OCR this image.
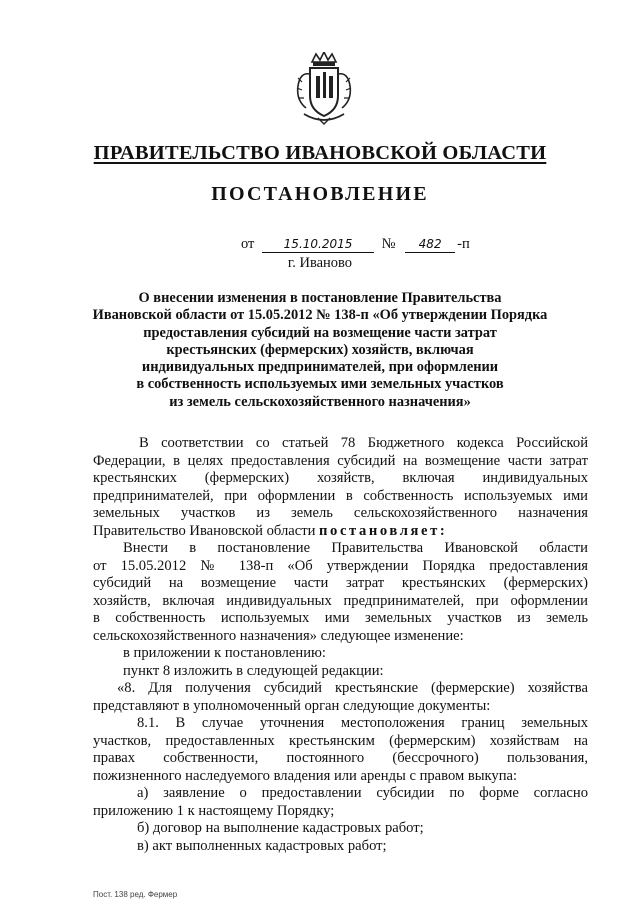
ПРАВИТЕЛЬСТВО ИВАНОВСКОЙ ОБЛАСТИ
ПОСТАНОВЛЕНИЕ
от 15.10.2015 № 482 -п
г. Иваново
О внесении изменения в постановление Правительства
Ивановской области от 15.05.2012 № 138-п «Об утверждении Порядка
предоставления субсидий на возмещение части затрат
крестьянских (фермерских) хозяйств, включая
индивидуальных предпринимателей, при оформлении
в собственность используемых ими земельных участков
из земель сельскохозяйственного назначения»
В соответствии со статьей 78 Бюджетного кодекса Российской
Федерации, в целях предоставления субсидий на возмещение части затрат
крестьянских (фермерских) хозяйств, включая индивидуальных
предпринимателей, при оформлении в собственность используемых ими
земельных участков из земель сельскохозяйственного назначения
Правительство Ивановской области постановляет:
Внести в постановление Правительства Ивановской области
от 15.05.2012 № 138-п «Об утверждении Порядка предоставления
субсидий на возмещение части затрат крестьянских (фермерских)
хозяйств, включая индивидуальных предпринимателей, при оформлении
в собственность используемых ими земельных участков из земель
сельскохозяйственного назначения» следующее изменение:
в приложении к постановлению:
пункт 8 изложить в следующей редакции:
«8. Для получения субсидий крестьянские (фермерские) хозяйства
представляют в уполномоченный орган следующие документы:
8.1. В случае уточнения местоположения границ земельных
участков, предоставленных крестьянским (фермерским) хозяйствам на
правах собственности, постоянного (бессрочного) пользования,
пожизненного наследуемого владения или аренды с правом выкупа:
а) заявление о предоставлении субсидии по форме согласно
приложению 1 к настоящему Порядку;
б) договор на выполнение кадастровых работ;
в) акт выполненных кадастровых работ;
Пост. 138 ред. Фермер
